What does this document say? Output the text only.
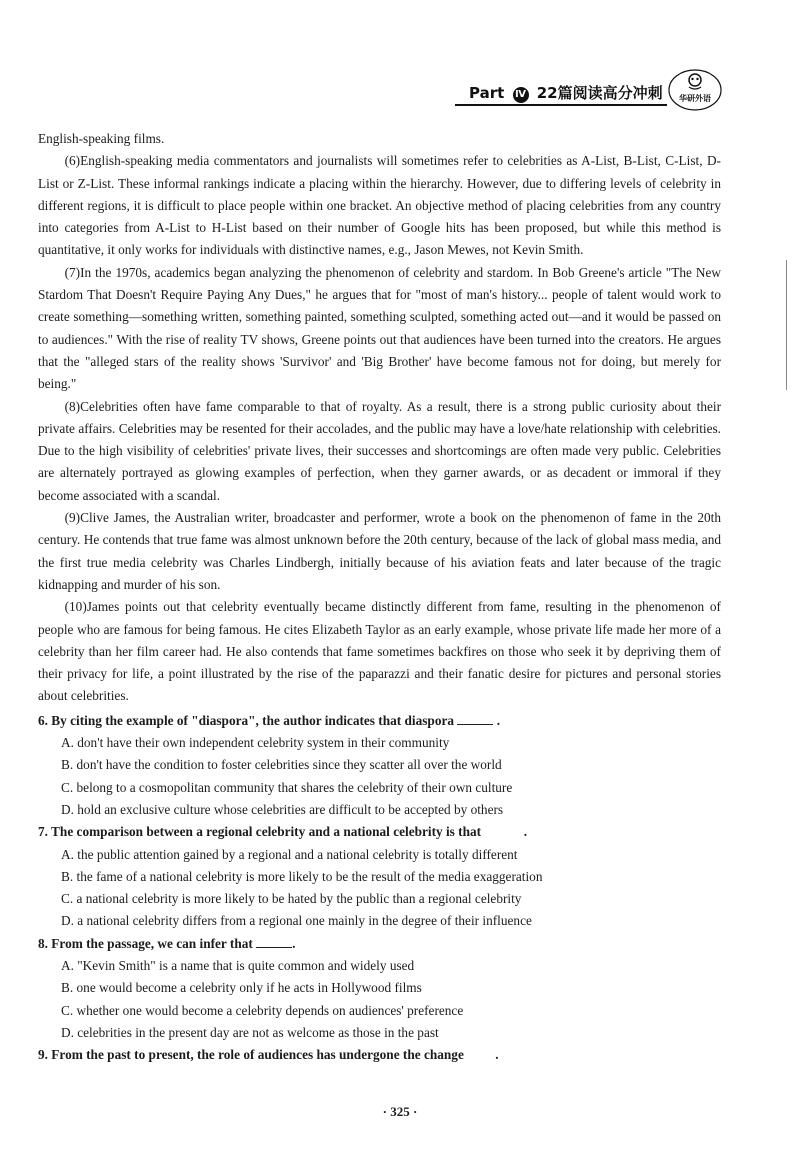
Part Ⅳ 22篇阅读高分冲刺	华研外语

English-speaking films.

(6)English-speaking media commentators and journalists will sometimes refer to celebrities as A-List, B-List, C-List, D-List or Z-List. These informal rankings indicate a placing within the hierarchy. However, due to differing levels of celebrity in different regions, it is difficult to place people within one bracket. An objective method of placing celebrities from any country into categories from A-List to H-List based on their number of Google hits has been proposed, but while this method is quantitative, it only works for individuals with distinctive names, e.g., Jason Mewes, not Kevin Smith.

(7)In the 1970s, academics began analyzing the phenomenon of celebrity and stardom. In Bob Greene's article "The New Stardom That Doesn't Require Paying Any Dues," he argues that for "most of man's history... people of talent would work to create something—something written, something painted, something sculpted, something acted out—and it would be passed on to audiences." With the rise of reality TV shows, Greene points out that audiences have been turned into the creators. He argues that the "alleged stars of the reality shows 'Survivor' and 'Big Brother' have become famous not for doing, but merely for being."

(8)Celebrities often have fame comparable to that of royalty. As a result, there is a strong public curiosity about their private affairs. Celebrities may be resented for their accolades, and the public may have a love/hate relationship with celebrities. Due to the high visibility of celebrities' private lives, their successes and shortcomings are often made very public. Celebrities are alternately portrayed as glowing examples of perfection, when they garner awards, or as decadent or immoral if they become associated with a scandal.

(9)Clive James, the Australian writer, broadcaster and performer, wrote a book on the phenomenon of fame in the 20th century. He contends that true fame was almost unknown before the 20th century, because of the lack of global mass media, and the first true media celebrity was Charles Lindbergh, initially because of his aviation feats and later because of the tragic kidnapping and murder of his son.

(10)James points out that celebrity eventually became distinctly different from fame, resulting in the phenomenon of people who are famous for being famous. He cites Elizabeth Taylor as an early example, whose private life made her more of a celebrity than her film career had. He also contends that fame sometimes backfires on those who seek it by depriving them of their privacy for life, a point illustrated by the rise of the paparazzi and their fanatic desire for pictures and personal stories about celebrities.

6. By citing the example of "diaspora", the author indicates that diaspora	.

A. don't have their own independent celebrity system in their community

B. don't have the condition to foster celebrities since they scatter all over the world

C. belong to a cosmopolitan community that shares the celebrity of their own culture

D. hold an exclusive culture whose celebrities are difficult to be accepted by others

7. The comparison between a regional celebrity and a national celebrity is that	.

A. the public attention gained by a regional and a national celebrity is totally different

B. the fame of a national celebrity is more likely to be the result of the media exaggeration

C. a national celebrity is more likely to be hated by the public than a regional celebrity

D. a national celebrity differs from a regional one mainly in the degree of their influence

8. From the passage, we can infer that	.

A. "Kevin Smith" is a name that is quite common and widely used

B. one would become a celebrity only if he acts in Hollywood films

C. whether one would become a celebrity depends on audiences' preference

D. celebrities in the present day are not as welcome as those in the past

9. From the past to present, the role of audiences has undergone the change .

· 325 ·
